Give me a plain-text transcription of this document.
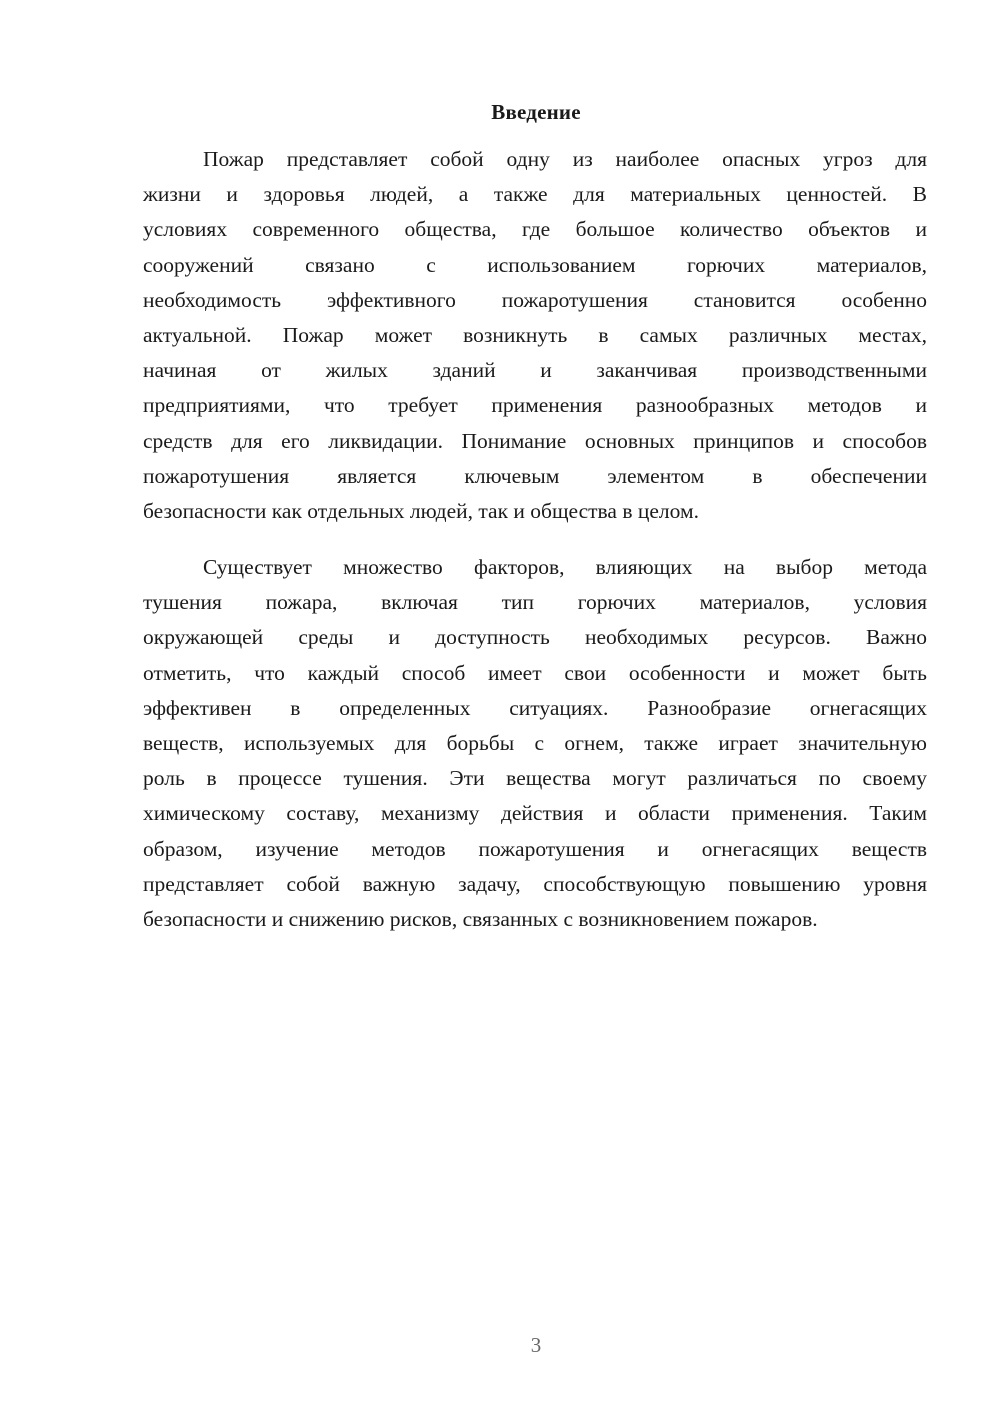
Введение
Пожар представляет собой одну из наиболее опасных угроз для
жизни и здоровья людей, а также для материальных ценностей. В
условиях современного общества, где большое количество объектов и
сооружений связано с использованием горючих материалов,
необходимость эффективного пожаротушения становится особенно
актуальной. Пожар может возникнуть в самых различных местах,
начиная от жилых зданий и заканчивая производственными
предприятиями, что требует применения разнообразных методов и
средств для его ликвидации. Понимание основных принципов и способов
пожаротушения является ключевым элементом в обеспечении
безопасности как отдельных людей, так и общества в целом.
Существует множество факторов, влияющих на выбор метода
тушения пожара, включая тип горючих материалов, условия
окружающей среды и доступность необходимых ресурсов. Важно
отметить, что каждый способ имеет свои особенности и может быть
эффективен в определенных ситуациях. Разнообразие огнегасящих
веществ, используемых для борьбы с огнем, также играет значительную
роль в процессе тушения. Эти вещества могут различаться по своему
химическому составу, механизму действия и области применения. Таким
образом, изучение методов пожаротушения и огнегасящих веществ
представляет собой важную задачу, способствующую повышению уровня
безопасности и снижению рисков, связанных с возникновением пожаров.
3
